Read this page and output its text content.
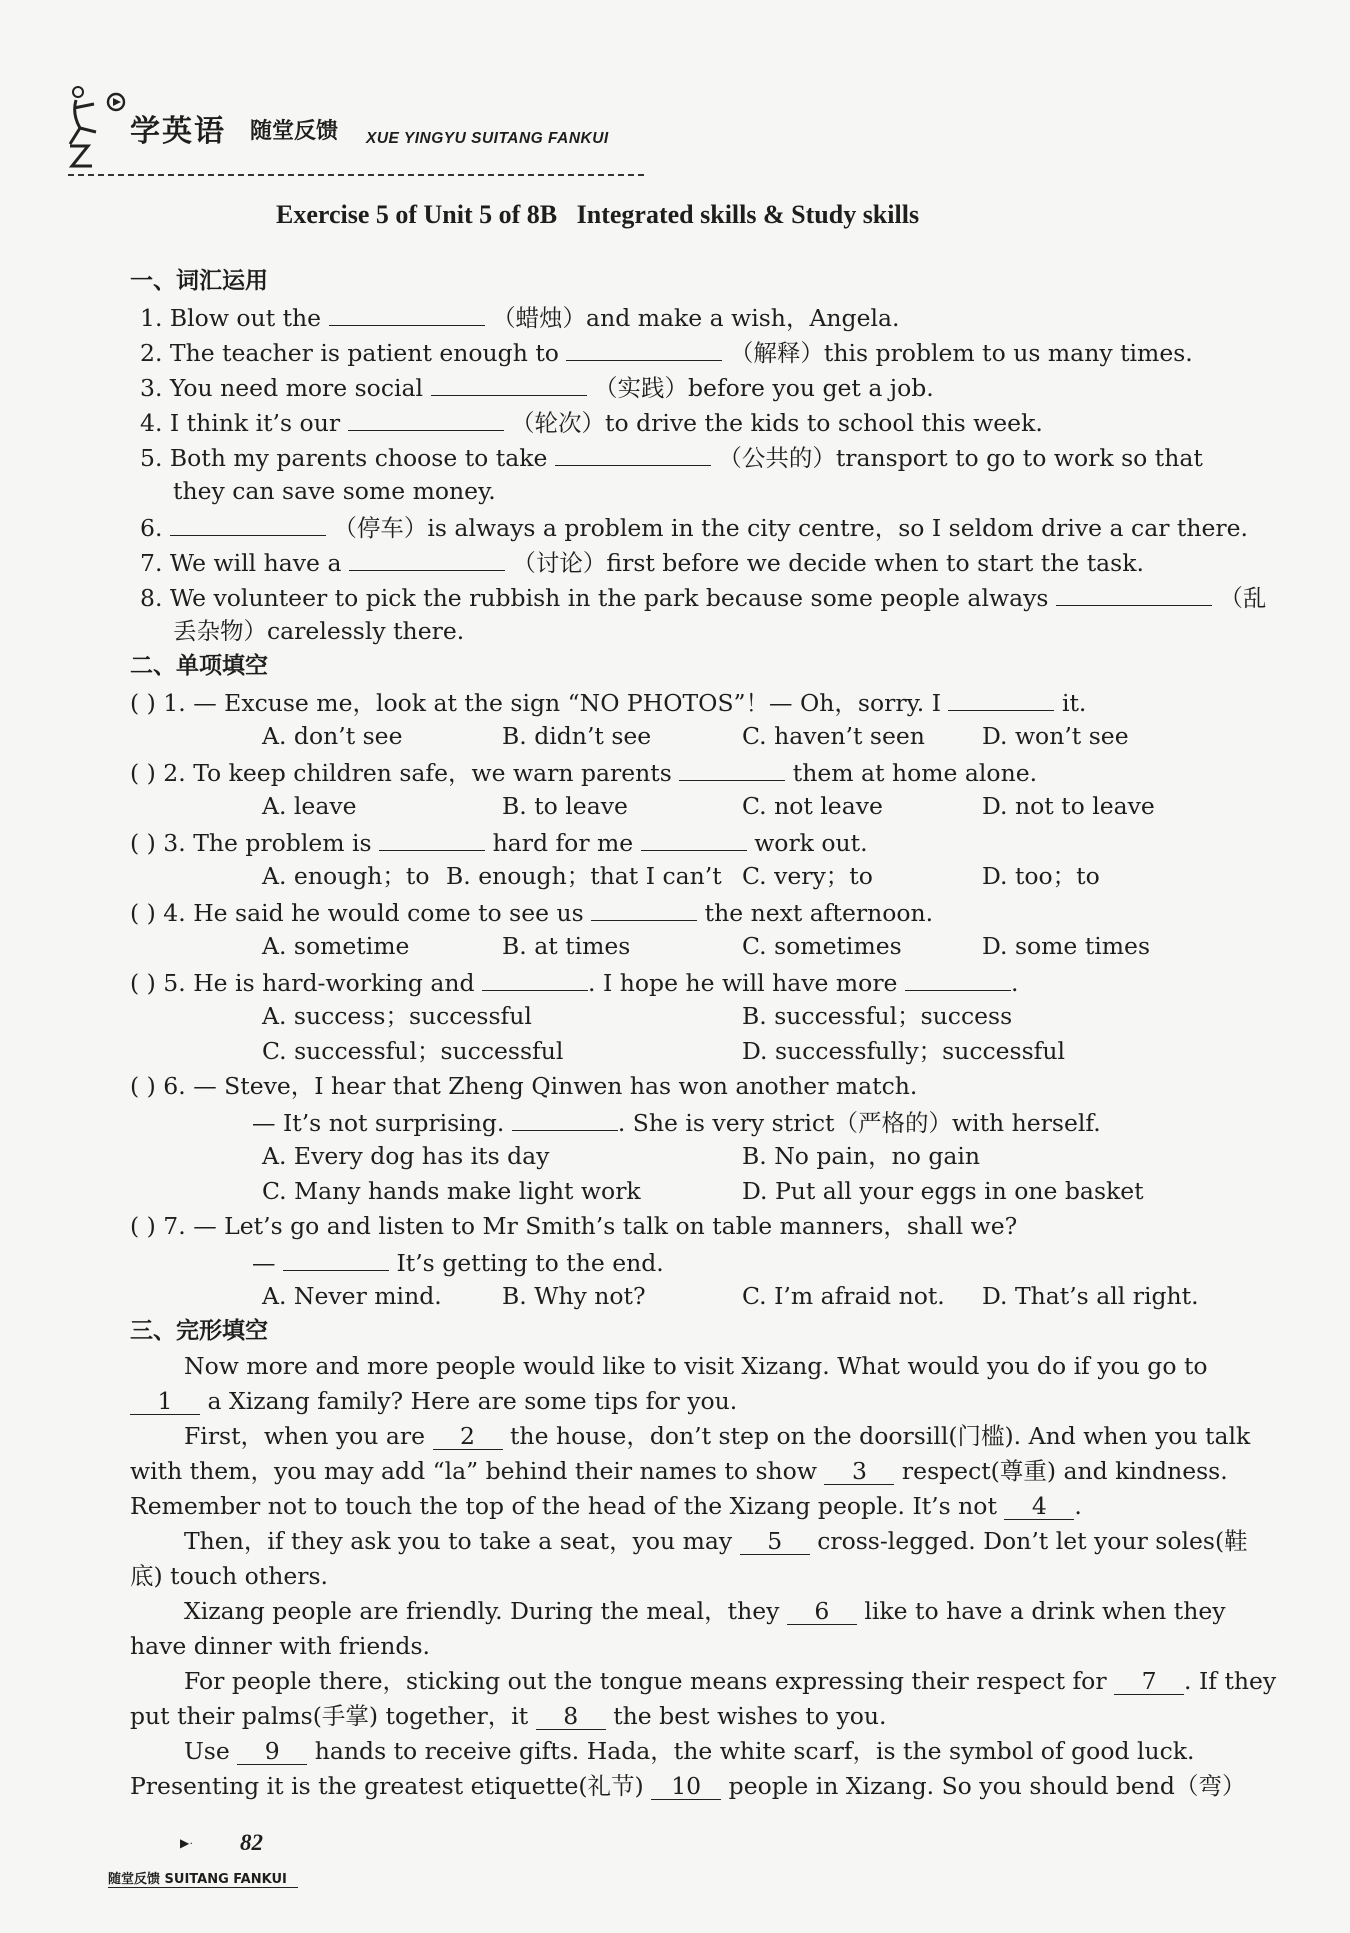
学英语 随堂反馈 XUE YINGYU SUITANG FANKUI
Exercise 5 of Unit 5 of 8B   Integrated skills & Study skills
一、词汇运用
1. Blow out the	（蜡烛）and make a wish，Angela.
2. The teacher is patient enough to	（解释）this problem to us many times.
3. You need more social	（实践）before you get a job.
4. I think it’s our	（轮次）to drive the kids to school this week.
5. Both my parents choose to take	（公共的）transport to go to work so that
they can save some money.
6.	（停车）is always a problem in the city centre，so I seldom drive a car there.
7. We will have a	（讨论）first before we decide when to start the task.
8. We volunteer to pick the rubbish in the park because some people always	（乱
丢杂物）carelessly there.
二、单项填空
( ) 1. — Excuse me，look at the sign “NO PHOTOS”！— Oh，sorry. I	it.
A. don’t see	B. didn’t see	C. haven’t seen D. won’t see
( ) 2. To keep children safe，we warn parents	them at home alone.
A. leave	B. to leave	C. not leave	D. not to leave
( ) 3. The problem is	hard for me	work out.
A. enough；to B. enough；that I can’t C. very；to	D. too；to
( ) 4. He said he would come to see us	the next afternoon.
A. sometime	B. at times	C. sometimes	D. some times
( ) 5. He is hard-working and	. I hope he will have more	.
A. success；successful	B. successful；success
C. successful；successful	D. successfully；successful
( ) 6. — Steve，I hear that Zheng Qinwen has won another match.
— It’s not surprising.	. She is very strict（严格的）with herself.
A. Every dog has its day	B. No pain，no gain
C. Many hands make light work	D. Put all your eggs in one basket
( ) 7. — Let’s go and listen to Mr Smith’s talk on table manners，shall we?
—	It’s getting to the end.
A. Never mind.	B. Why not?	C. I’m afraid not. D. That’s all right.
三、完形填空
Now more and more people would like to visit Xizang. What would you do if you go to
1 a Xizang family? Here are some tips for you.
First，when you are 2 the house，don’t step on the doorsill(门槛). And when you talk
with them，you may add “la” behind their names to show 3 respect(尊重) and kindness.
Remember not to touch the top of the head of the Xizang people. It’s not 4 .
Then，if they ask you to take a seat，you may 5 cross-legged. Don’t let your soles(鞋
底) touch others.
Xizang people are friendly. During the meal，they 6 like to have a drink when they
have dinner with friends.
For people there，sticking out the tongue means expressing their respect for 7 . If they
put their palms(手掌) together，it 8 the best wishes to you.
Use 9 hands to receive gifts. Hada，the white scarf，is the symbol of good luck.
Presenting it is the greatest etiquette(礼节) 10 people in Xizang. So you should bend（弯）
▶· 82
随堂反馈 SUITANG FANKUI
